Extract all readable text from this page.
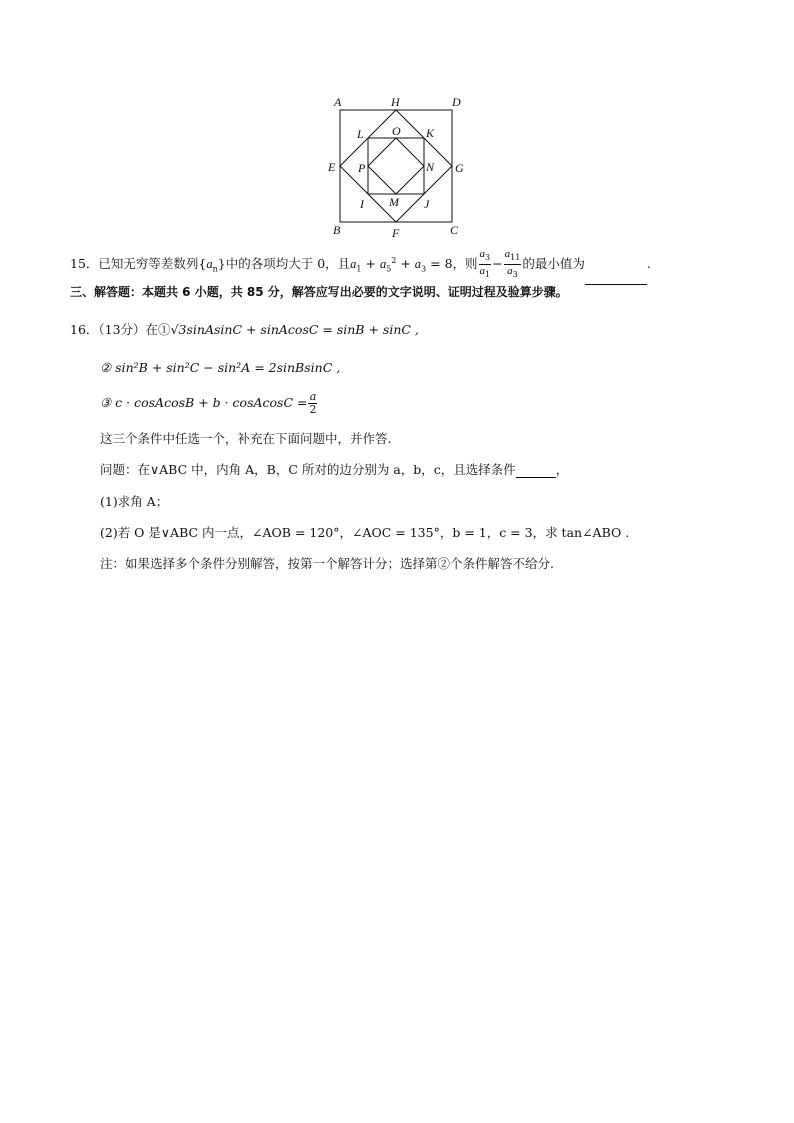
A	H	D
L O K
E P	N G
I M J
B	F	C
15．已知无穷等差数列$\{a_n\}$中的各项均大于 0，且$a_1 + a_5^2 + a_3 = 8$，则 $\frac{a_3}{a_1} - \frac{a_{11}}{a_3}$ 的最小值为	.
三、解答题：本题共 6 小题，共 85 分，解答应写出必要的文字说明、证明过程及验算步骤。
16．（13分）在①√3sinAsinC + sinAcosC = sinB + sinC ,
② sin²B + sin²C − sin²A = 2sinBsinC ,
③ c · cosAcosB + b · cosAcosC = $\frac{a}{2}$
这三个条件中任选一个，补充在下面问题中，并作答.
问题：在∨ABC 中，内角 A，B，C 所对的边分别为 a，b，c，且选择条件	，
(1)求角 A；
(2)若 O 是∨ABC 内一点，∠AOB = 120°，∠AOC = 135°，b = 1，c = 3，求 tan∠ABO .
注：如果选择多个条件分别解答，按第一个解答计分；选择第②个条件解答不给分.
